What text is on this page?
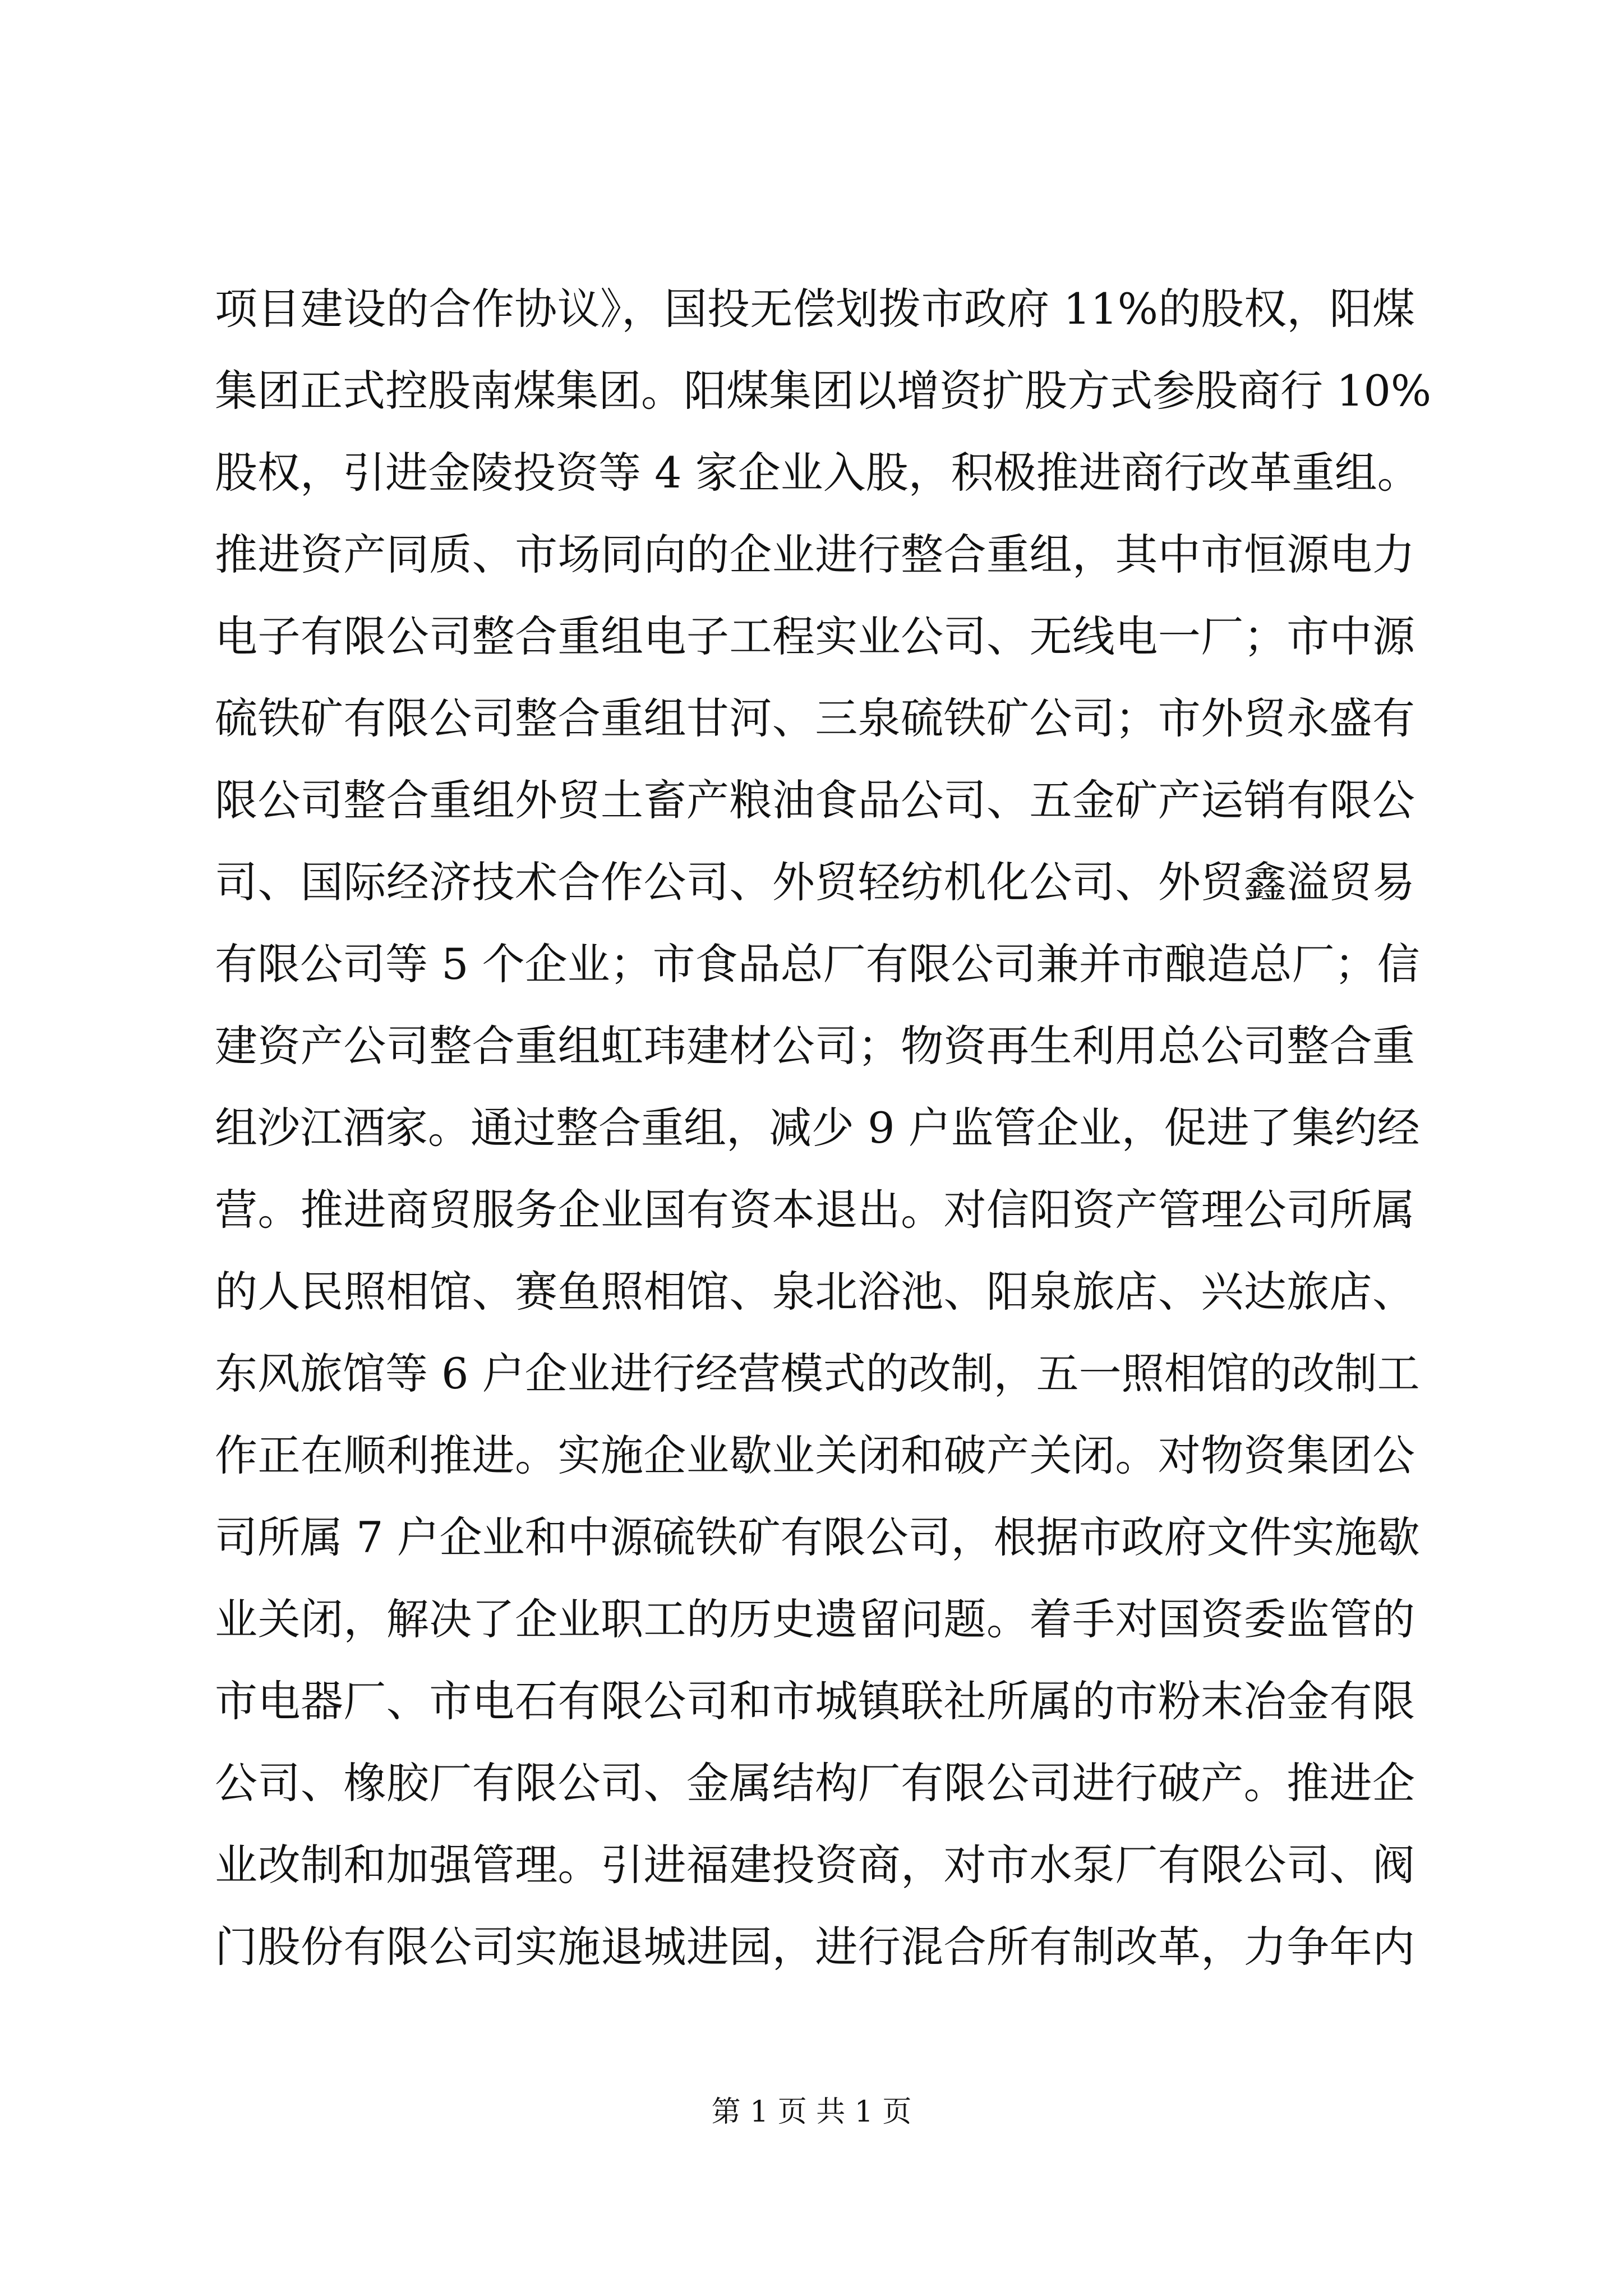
项目建设的合作协议》，国投无偿划拨市政府 11%的股权，阳煤
集团正式控股南煤集团。阳煤集团以增资扩股方式参股商行 10%
股权，引进金陵投资等 4 家企业入股，积极推进商行改革重组。
推进资产同质、市场同向的企业进行整合重组，其中市恒源电力
电子有限公司整合重组电子工程实业公司、无线电一厂；市中源
硫铁矿有限公司整合重组甘河、三泉硫铁矿公司；市外贸永盛有
限公司整合重组外贸土畜产粮油食品公司、五金矿产运销有限公
司、国际经济技术合作公司、外贸轻纺机化公司、外贸鑫溢贸易
有限公司等 5 个企业；市食品总厂有限公司兼并市酿造总厂；信
建资产公司整合重组虹玮建材公司；物资再生利用总公司整合重
组沙江酒家。通过整合重组，减少 9 户监管企业，促进了集约经
营。推进商贸服务企业国有资本退出。对信阳资产管理公司所属
的人民照相馆、赛鱼照相馆、泉北浴池、阳泉旅店、兴达旅店、
东风旅馆等 6 户企业进行经营模式的改制，五一照相馆的改制工
作正在顺利推进。实施企业歇业关闭和破产关闭。对物资集团公
司所属 7 户企业和中源硫铁矿有限公司，根据市政府文件实施歇
业关闭，解决了企业职工的历史遗留问题。着手对国资委监管的
市电器厂、市电石有限公司和市城镇联社所属的市粉末冶金有限
公司、橡胶厂有限公司、金属结构厂有限公司进行破产。推进企
业改制和加强管理。引进福建投资商，对市水泵厂有限公司、阀
门股份有限公司实施退城进园，进行混合所有制改革，力争年内
第 1 页 共 1 页
